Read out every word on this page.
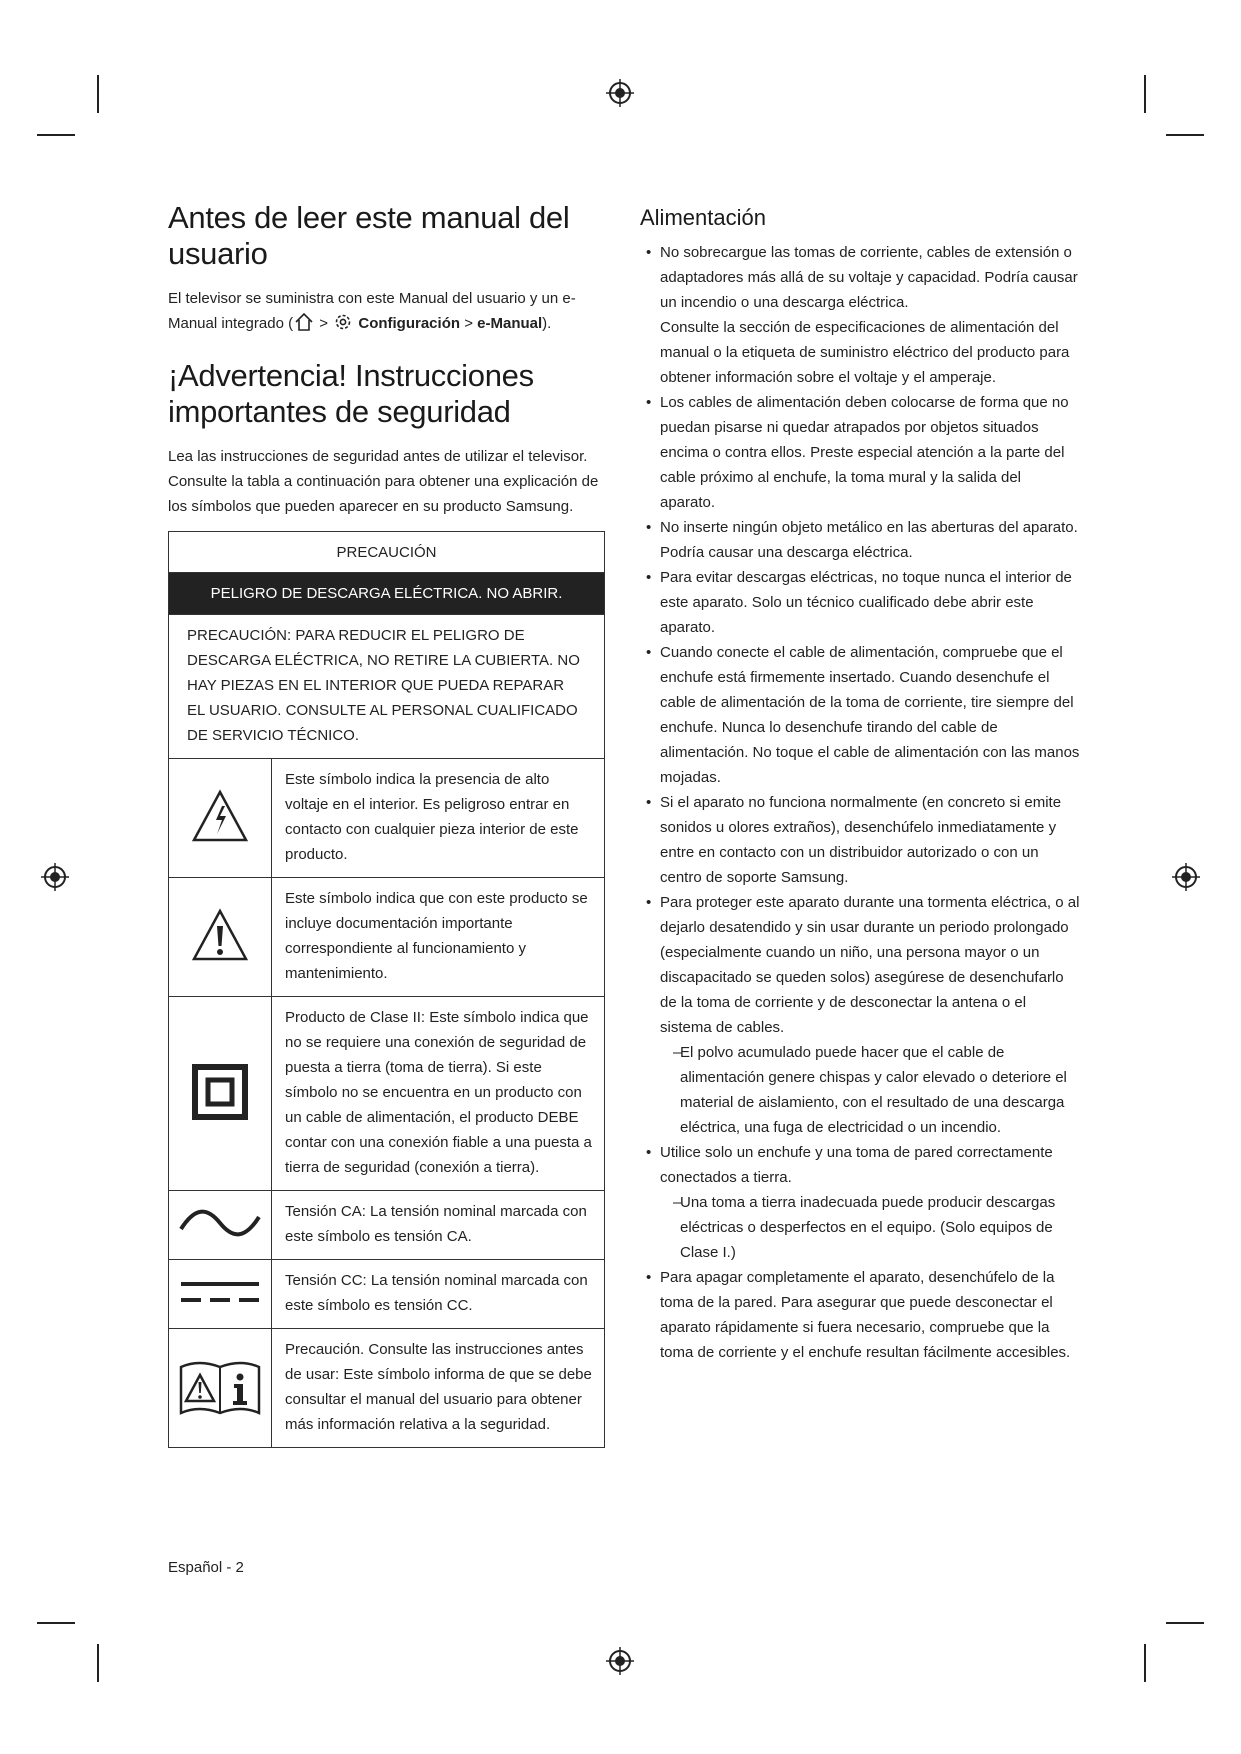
Antes de leer este manual del usuario

El televisor se suministra con este Manual del usuario y un e-Manual integrado ( >  Configuración > e-Manual).

¡Advertencia! Instrucciones importantes de seguridad

Lea las instrucciones de seguridad antes de utilizar el televisor. Consulte la tabla a continuación para obtener una explicación de los símbolos que pueden aparecer en su producto Samsung.

PRECAUCIÓN	
PELIGRO DE DESCARGA ELÉCTRICA. NO ABRIR.	
PRECAUCIÓN: PARA REDUCIR EL PELIGRO DE DESCARGA ELÉCTRICA, NO RETIRE LA CUBIERTA. NO HAY PIEZAS EN EL INTERIOR QUE PUEDA REPARAR EL USUARIO. CONSULTE AL PERSONAL CUALIFICADO DE SERVICIO TÉCNICO.	
	Este símbolo indica la presencia de alto voltaje en el interior. Es peligroso entrar en contacto con cualquier pieza interior de este producto.
	Este símbolo indica que con este producto se incluye documentación importante correspondiente al funcionamiento y mantenimiento.
	Producto de Clase II: Este símbolo indica que no se requiere una conexión de seguridad de puesta a tierra (toma de tierra). Si este símbolo no se encuentra en un producto con un cable de alimentación, el producto DEBE contar con una conexión fiable a una puesta a tierra de seguridad (conexión a tierra).
	Tensión CA: La tensión nominal marcada con este símbolo es tensión CA.
	Tensión CC: La tensión nominal marcada con este símbolo es tensión CC.
	Precaución. Consulte las instrucciones antes de usar: Este símbolo informa de que se debe consultar el manual del usuario para obtener más información relativa a la seguridad.
Alimentación
• No sobrecargue las tomas de corriente, cables de extensión o adaptadores más allá de su voltaje y capacidad. Podría causar un incendio o una descarga eléctrica.
Consulte la sección de especificaciones de alimentación del manual o la etiqueta de suministro eléctrico del producto para obtener información sobre el voltaje y el amperaje.
• Los cables de alimentación deben colocarse de forma que no puedan pisarse ni quedar atrapados por objetos situados encima o contra ellos. Preste especial atención a la parte del cable próximo al enchufe, la toma mural y la salida del aparato.
• No inserte ningún objeto metálico en las aberturas del aparato. Podría causar una descarga eléctrica.
• Para evitar descargas eléctricas, no toque nunca el interior de este aparato. Solo un técnico cualificado debe abrir este aparato.
• Cuando conecte el cable de alimentación, compruebe que el enchufe está firmemente insertado. Cuando desenchufe el cable de alimentación de la toma de corriente, tire siempre del enchufe. Nunca lo desenchufe tirando del cable de alimentación. No toque el cable de alimentación con las manos mojadas.
• Si el aparato no funciona normalmente (en concreto si emite sonidos u olores extraños), desenchúfelo inmediatamente y entre en contacto con un distribuidor autorizado o con un centro de soporte Samsung.
• Para proteger este aparato durante una tormenta eléctrica, o al dejarlo desatendido y sin usar durante un periodo prolongado (especialmente cuando un niño, una persona mayor o un discapacitado se queden solos) asegúrese de desenchufarlo de la toma de corriente y de desconectar la antena o el sistema de cables.
– El polvo acumulado puede hacer que el cable de alimentación genere chispas y calor elevado o deteriore el material de aislamiento, con el resultado de una descarga eléctrica, una fuga de electricidad o un incendio.
• Utilice solo un enchufe y una toma de pared correctamente conectados a tierra.
– Una toma a tierra inadecuada puede producir descargas eléctricas o desperfectos en el equipo. (Solo equipos de Clase I.)
• Para apagar completamente el aparato, desenchúfelo de la toma de la pared. Para asegurar que puede desconectar el aparato rápidamente si fuera necesario, compruebe que la toma de corriente y el enchufe resultan fácilmente accesibles.
Español - 2
